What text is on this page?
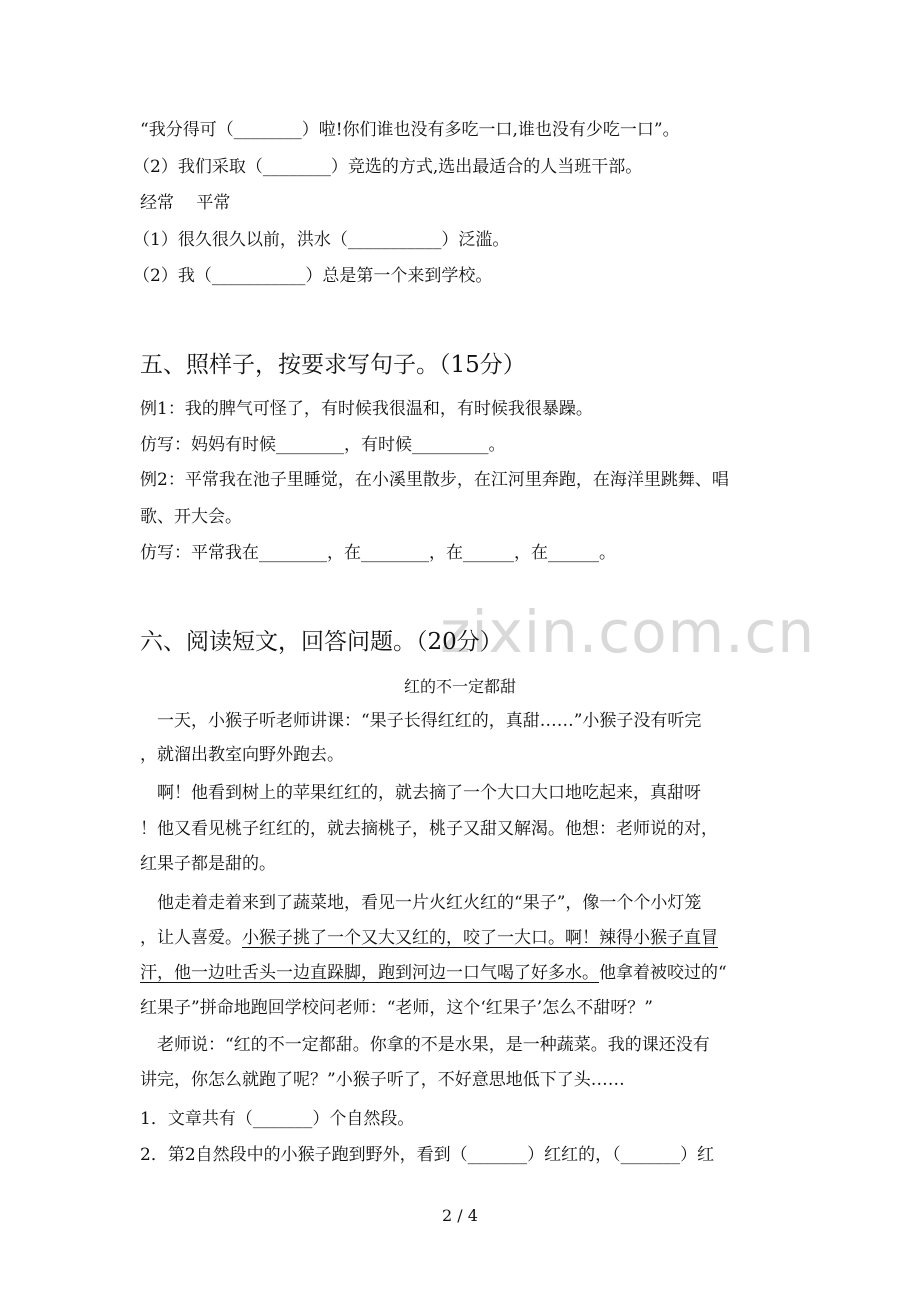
“我分得可（________）啦!你们谁也没有多吃一口,谁也没有少吃一口”。
（2）我们采取（________）竞选的方式,选出最适合的人当班干部。
经常　 平常
（1）很久很久以前，洪水（___________）泛滥。
（2）我（___________）总是第一个来到学校。
五、照样子，按要求写句子。（15分）
例1：我的脾气可怪了，有时候我很温和，有时候我很暴躁。
仿写：妈妈有时候________，有时候_________。
例2：平常我在池子里睡觉，在小溪里散步，在江河里奔跑，在海洋里跳舞、唱
歌、开大会。
仿写：平常我在________，在________，在______，在______。
zixin.com.cn
六、阅读短文，回答问题。（20分）
红的不一定都甜
　一天，小猴子听老师讲课：“果子长得红红的，真甜……”小猴子没有听完
，就溜出教室向野外跑去。
　啊！他看到树上的苹果红红的，就去摘了一个大口大口地吃起来，真甜呀
！他又看见桃子红红的，就去摘桃子，桃子又甜又解渴。他想：老师说的对，
红果子都是甜的。
　他走着走着来到了蔬菜地，看见一片火红火红的“果子”，像一个个小灯笼
，让人喜爱。小猴子挑了一个又大又红的，咬了一大口。啊！辣得小猴子直冒
汗，他一边吐舌头一边直跺脚，跑到河边一口气喝了好多水。他拿着被咬过的“
红果子”拼命地跑回学校问老师：“老师，这个‘红果子’怎么不甜呀？”
　老师说：“红的不一定都甜。你拿的不是水果，是一种蔬菜。我的课还没有
讲完，你怎么就跑了呢？”小猴子听了，不好意思地低下了头……
1．文章共有（_______）个自然段。
2．第2自然段中的小猴子跑到野外，看到（_______）红红的，（_______）红
2 / 4
